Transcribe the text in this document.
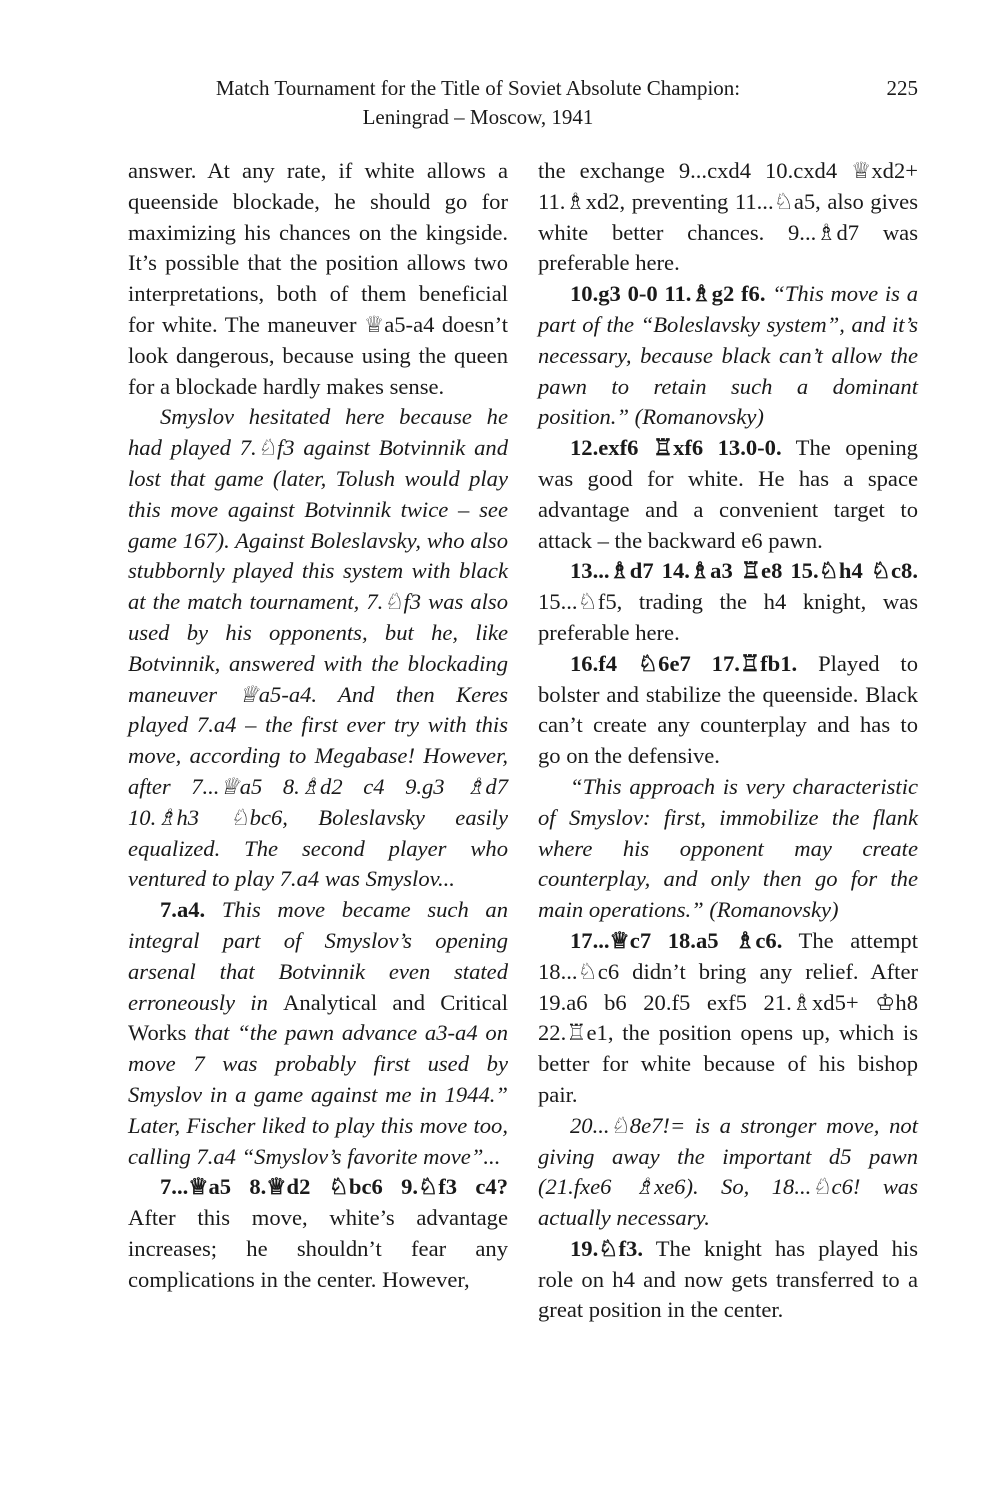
Match Tournament for the Title of Soviet Absolute Champion:
Leningrad – Moscow, 1941
225

answer. At any rate, if white allows a queenside blockade, he should go for maximizing his chances on the kingside. It’s possible that the position allows two interpretations, both of them beneficial for white. The maneuver ♕a5-a4 doesn’t look dangerous, because using the queen for a blockade hardly makes sense.

Smyslov hesitated here because he had played 7.♘f3 against Botvinnik and lost that game (later, Tolush would play this move against Botvinnik twice – see game 167). Against Boleslavsky, who also stubbornly played this system with black at the match tournament, 7.♘f3 was also used by his opponents, but he, like Botvinnik, answered with the blockading maneuver ♕a5-a4. And then Keres played 7.a4 – the first ever try with this move, according to Megabase! However, after 7...♕a5 8.♗d2 c4 9.g3 ♗d7 10.♗h3 ♘bc6, Boleslavsky easily equalized. The second player who ventured to play 7.a4 was Smyslov...

7.a4. This move became such an integral part of Smyslov’s opening arsenal that Botvinnik even stated erroneously in Analytical and Critical Works that “the pawn advance a3-a4 on move 7 was probably first used by Smyslov in a game against me in 1944.” Later, Fischer liked to play this move too, calling 7.a4 “Smyslov’s favorite move”...

7...♕a5 8.♕d2 ♘bc6 9.♘f3 c4? After this move, white’s advantage increases; he shouldn’t fear any complications in the center. However,

the exchange 9...cxd4 10.cxd4 ♕xd2+ 11.♗xd2, preventing 11...♘a5, also gives white better chances. 9...♗d7 was preferable here.

10.g3 0-0 11.♗g2 f6. “This move is a part of the “Boleslavsky system”, and it’s necessary, because black can’t allow the pawn to retain such a dominant position.” (Romanovsky)

12.exf6 ♖xf6 13.0-0. The opening was good for white. He has a space advantage and a convenient target to attack – the backward e6 pawn.

13...♗d7 14.♗a3 ♖e8 15.♘h4 ♘c8. 15...♘f5, trading the h4 knight, was preferable here.

16.f4 ♘6e7 17.♖fb1. Played to bolster and stabilize the queenside. Black can’t create any counterplay and has to go on the defensive.

“This approach is very characteristic of Smyslov: first, immobilize the flank where his opponent may create counterplay, and only then go for the main operations.” (Romanovsky)

17...♕c7 18.a5 ♗c6. The attempt 18...♘c6 didn’t bring any relief. After 19.a6 b6 20.f5 exf5 21.♗xd5+ ♔h8 22.♖e1, the position opens up, which is better for white because of his bishop pair.

20...♘8e7!= is a stronger move, not giving away the important d5 pawn (21.fxe6 ♗xe6). So, 18...♘c6! was actually necessary.

19.♘f3. The knight has played his role on h4 and now gets transferred to a great position in the center.
